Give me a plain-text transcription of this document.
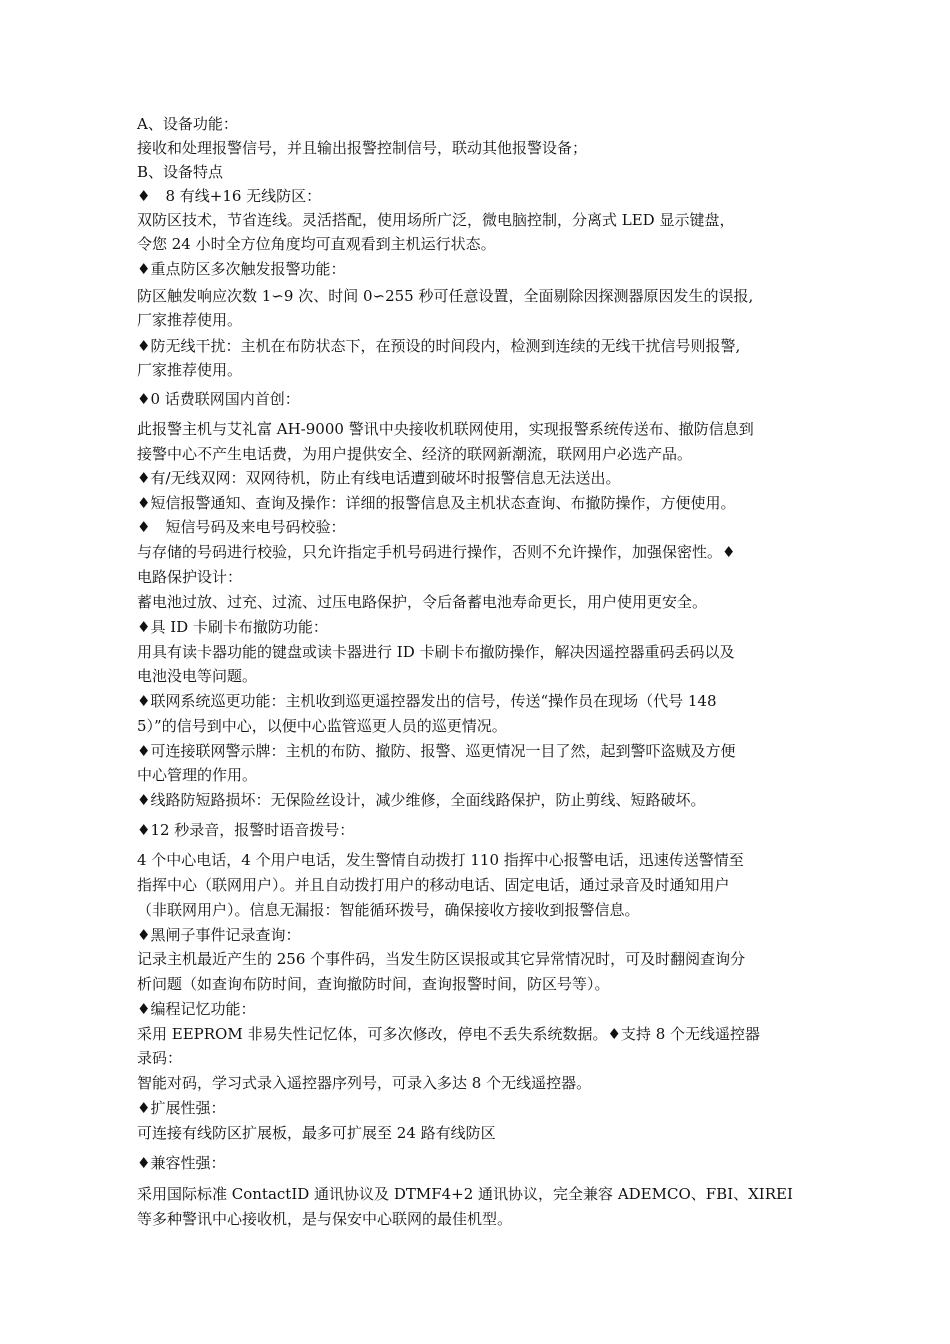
A、设备功能：
接收和处理报警信号，并且输出报警控制信号，联动其他报警设备；
B、设备特点
♦　8 有线+16 无线防区：
双防区技术，节省连线。灵活搭配，使用场所广泛，微电脑控制，分离式 LED 显示键盘，
令您 24 小时全方位角度均可直观看到主机运行状态。
♦重点防区多次触发报警功能：
防区触发响应次数 1∽9 次、时间 0∽255 秒可任意设置，全面剔除因探测器原因发生的误报,
厂家推荐使用。
♦防无线干扰：主机在布防状态下，在预设的时间段内，检测到连续的无线干扰信号则报警,
厂家推荐使用。
♦0 话费联网国内首创：
此报警主机与艾礼富 AH-9000 警讯中央接收机联网使用，实现报警系统传送布、撤防信息到
接警中心不产生电话费，为用户提供安全、经济的联网新潮流，联网用户必选产品。
♦有/无线双网：双网待机，防止有线电话遭到破坏时报警信息无法送出。
♦短信报警通知、查询及操作：详细的报警信息及主机状态查询、布撤防操作，方便使用。
♦　短信号码及来电号码校验：
与存储的号码进行校验，只允许指定手机号码进行操作，否则不允许操作，加强保密性。♦
电路保护设计：
蓄电池过放、过充、过流、过压电路保护，令后备蓄电池寿命更长，用户使用更安全。
♦具 ID 卡刷卡布撤防功能：
用具有读卡器功能的键盘或读卡器进行 ID 卡刷卡布撤防操作，解决因遥控器重码丢码以及
电池没电等问题。
♦联网系统巡更功能：主机收到巡更遥控器发出的信号，传送“操作员在现场（代号 148
5）”的信号到中心，以便中心监管巡更人员的巡更情况。
♦可连接联网警示牌：主机的布防、撤防、报警、巡更情况一目了然，起到警吓盗贼及方便
中心管理的作用。
♦线路防短路损坏：无保险丝设计，减少维修，全面线路保护，防止剪线、短路破坏。
♦12 秒录音，报警时语音拨号：
4 个中心电话，4 个用户电话，发生警情自动拨打 110 指挥中心报警电话，迅速传送警情至
指挥中心（联网用户）。并且自动拨打用户的移动电话、固定电话，通过录音及时通知用户
（非联网用户）。信息无漏报：智能循环拨号，确保接收方接收到报警信息。
♦黑闸子事件记录查询：
记录主机最近产生的 256 个事件码，当发生防区误报或其它异常情况时，可及时翻阅查询分
析问题（如查询布防时间，查询撤防时间，查询报警时间，防区号等）。
♦编程记忆功能：
采用 EEPROM 非易失性记忆体，可多次修改，停电不丢失系统数据。♦支持 8 个无线遥控器
录码：
智能对码，学习式录入遥控器序列号，可录入多达 8 个无线遥控器。
♦扩展性强：
可连接有线防区扩展板，最多可扩展至 24 路有线防区
♦兼容性强：
采用国际标准 ContactID 通讯协议及 DTMF4+2 通讯协议，完全兼容 ADEMCO、FBI、XIREI
等多种警讯中心接收机，是与保安中心联网的最佳机型。
